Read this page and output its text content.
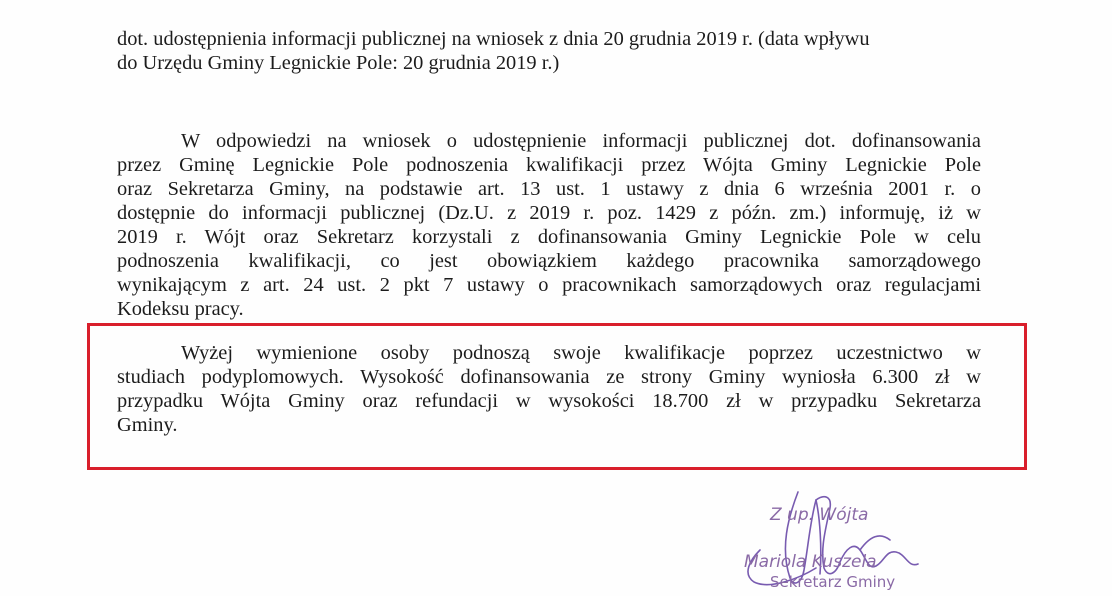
dot. udostępnienia informacji publicznej na wniosek z dnia 20 grudnia 2019 r. (data wpływu

do Urzędu Gminy Legnickie Pole: 20 grudnia 2019 r.)

W odpowiedzi na wniosek o udostępnienie informacji publicznej dot. dofinansowania

przez Gminę Legnickie Pole podnoszenia kwalifikacji przez Wójta Gminy Legnickie Pole

oraz Sekretarza Gminy, na podstawie art. 13 ust. 1 ustawy z dnia 6 września 2001 r. o

dostępnie do informacji publicznej (Dz.U. z 2019 r. poz. 1429 z późn. zm.) informuję, iż w

2019 r. Wójt oraz Sekretarz korzystali z dofinansowania Gminy Legnickie Pole w celu

podnoszenia kwalifikacji, co jest obowiązkiem każdego pracownika samorządowego

wynikającym z art. 24 ust. 2 pkt 7 ustawy o pracownikach samorządowych oraz regulacjami

Kodeksu pracy.

Wyżej wymienione osoby podnoszą swoje kwalifikacje poprzez uczestnictwo w

studiach podyplomowych. Wysokość dofinansowania ze strony Gminy wyniosła 6.300 zł w

przypadku Wójta Gminy oraz refundacji w wysokości 18.700 zł w przypadku Sekretarza

Gminy.

Z up. Wójta
Mariola Kuszela
Sekretarz Gminy
